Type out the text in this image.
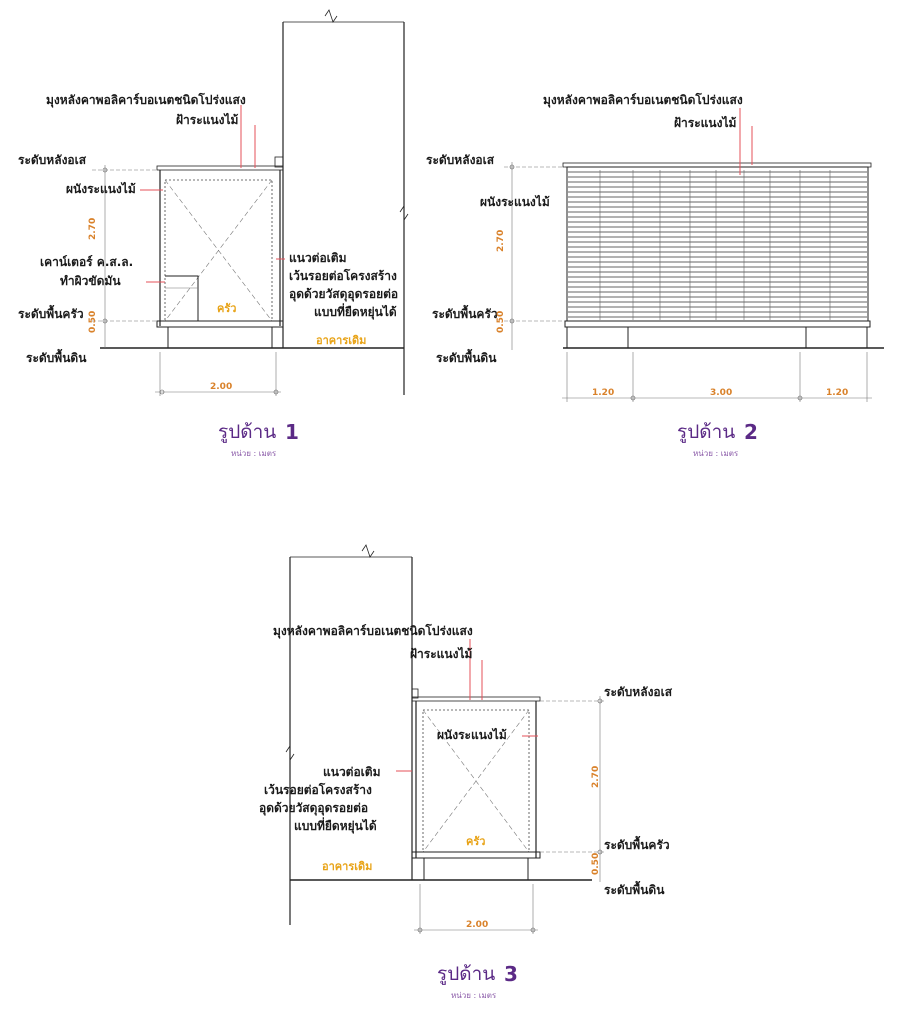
มุงหลังคาพอลิคาร์บอเนตชนิดโปร่งแสง
ฝ้าระแนงไม้
ระดับหลังอเส
ผนังระแนงไม้
เคาน์เตอร์ ค.ส.ล.
ทำผิวขัดมัน
ระดับพื้นครัว
ระดับพื้นดิน
แนวต่อเติม
เว้นรอยต่อโครงสร้าง
อุดด้วยวัสดุอุดรอยต่อ
แบบที่ยืดหยุ่นได้
ครัว
อาคารเดิม
2.70
0.50
2.00
รูปด้าน 1
หน่วย : เมตร
มุงหลังคาพอลิคาร์บอเนตชนิดโปร่งแสง
ฝ้าระแนงไม้
ระดับหลังอเส
ผนังระแนงไม้
ระดับพื้นครัว
ระดับพื้นดิน
2.70
0.50
1.20	3.00	1.20
รูปด้าน 2
หน่วย : เมตร
มุงหลังคาพอลิคาร์บอเนตชนิดโปร่งแสง
ฝ้าระแนงไม้
ระดับหลังอเส
ผนังระแนงไม้
ระดับพื้นครัว
ระดับพื้นดิน
แนวต่อเติม
เว้นรอยต่อโครงสร้าง
อุดด้วยวัสดุอุดรอยต่อ
แบบที่ยืดหยุ่นได้
ครัว
อาคารเดิม
2.70
0.50
2.00
รูปด้าน 3
หน่วย : เมตร
